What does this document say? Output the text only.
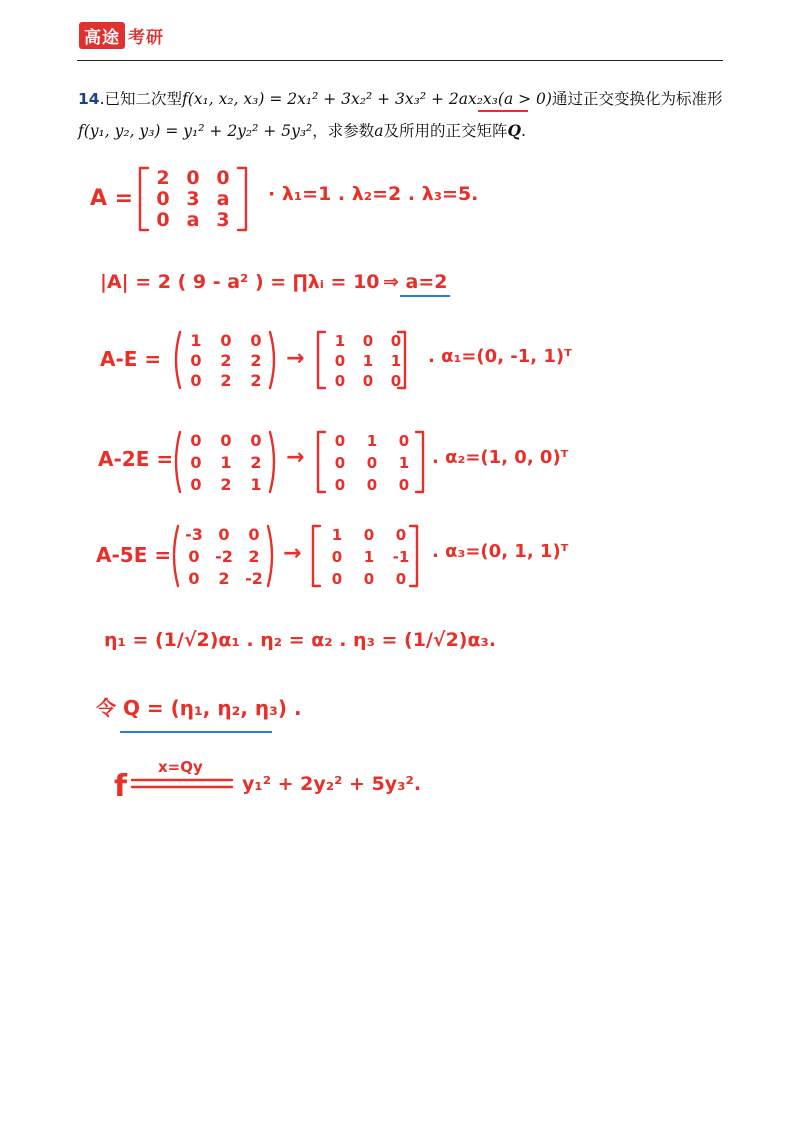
高途 考研
14.已知二次型f(x₁, x₂, x₃) = 2x₁² + 3x₂² + 3x₃² + 2ax₂x₃(a > 0)通过正交变换化为标准形
f(y₁, y₂, y₃) = y₁² + 2y₂² + 5y₃²，求参数a及所用的正交矩阵Q.
A =
2 0 0
0 3 a
0 a 3
· λ₁=1 . λ₂=2 . λ₃=5.
|A| = 2 ( 9 - a² ) = ∏λᵢ = 10 ⇒ a=2
A-E =
1 0 0
0 2 2
0 2 2
→
1 0 0
0 1 1
0 0 0
. α₁=(0, -1, 1)ᵀ
A-2E =
0 0 0
0 1 2
0 2 1
→
0 1 0
0 0 1
0 0 0
. α₂=(1, 0, 0)ᵀ
A-5E =
-3 0 0
0 -2 2
0 2 -2
→
1 0 0
0 1 -1
0 0 0
. α₃=(0, 1, 1)ᵀ
η₁ = (1/√2)α₁ . η₂ = α₂ . η₃ = (1/√2)α₃.
令 Q = (η₁, η₂, η₃) .
f
x=Qy
y₁² + 2y₂² + 5y₃².
